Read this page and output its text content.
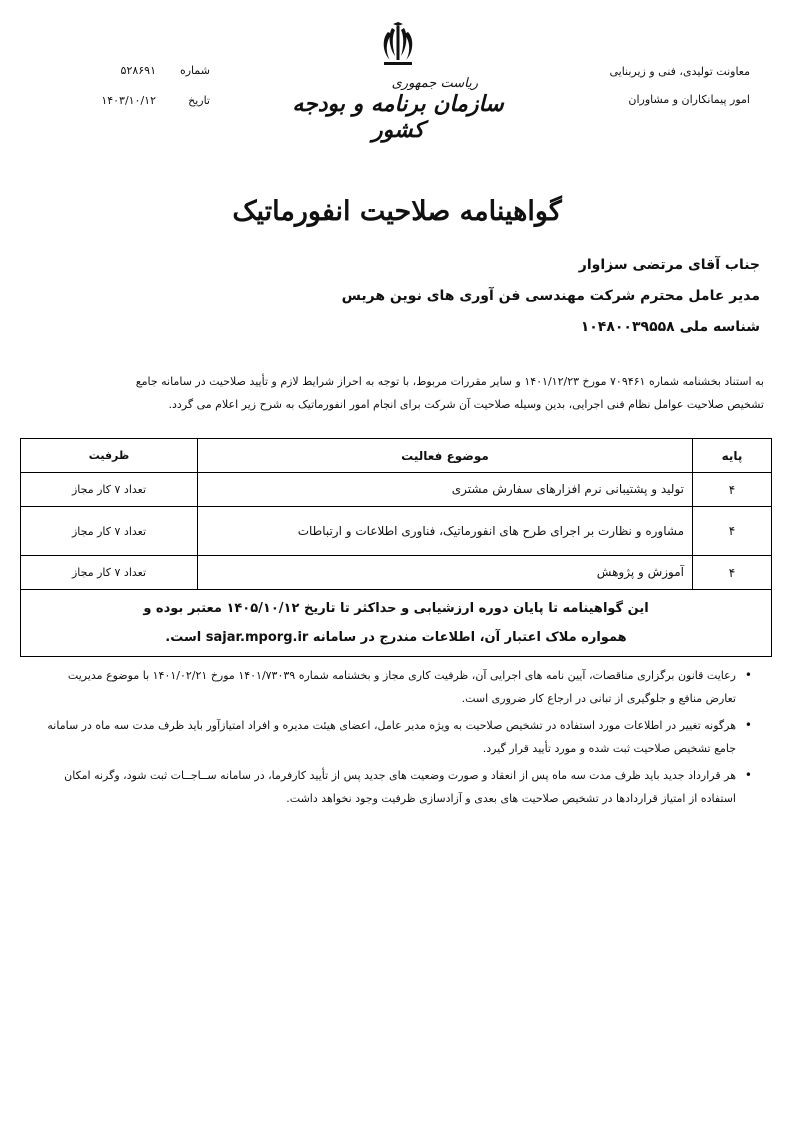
معاونت تولیدی، فنی و زیربنایی
امور پیمانکاران و مشاوران
ریاست جمهوری
سازمان برنامه و بودجه کشور
شماره
۵۲۸۶۹۱
تاریخ
۱۴۰۳/۱۰/۱۲
گواهینامه صلاحیت انفورماتیک
جناب آقای مرتضی سزاوار
مدیر عامل محترم شرکت مهندسی فن آوری های نوین هریس
شناسه ملی ۱۰۴۸۰۰۳۹۵۵۸
به استناد بخشنامه شماره ۷۰۹۴۶۱ مورخ ۱۴۰۱/۱۲/۲۳ و سایر مقررات مربوط، با توجه به احراز شرایط لازم و تأیید صلاحیت در سامانه جامع
تشخیص صلاحیت عوامل نظام فنی اجرایی، بدین وسیله صلاحیت آن شرکت برای انجام امور انفورماتیک به شرح زیر اعلام می گردد.
پایه	موضوع فعالیت	ظرفیت
۴	تولید و پشتیبانی نرم افزارهای سفارش مشتری	تعداد ۷ کار مجاز
۴	مشاوره و نظارت بر اجرای طرح های انفورماتیک، فناوری اطلاعات و ارتباطات	تعداد ۷ کار مجاز
۴	آموزش و پژوهش	تعداد ۷ کار مجاز

این گواهینامه تا پایان دوره ارزشیابی و حداکثر تا تاریخ ۱۴۰۵/۱۰/۱۲ معتبر بوده و
همواره ملاک اعتبار آن، اطلاعات مندرج در سامانه sajar.mporg.ir است.		
• رعایت قانون برگزاری مناقصات، آیین نامه های اجرایی آن، ظرفیت کاری مجاز و بخشنامه شماره ۱۴۰۱/۷۳۰۳۹ مورخ ۱۴۰۱/۰۲/۲۱ با موضوع مدیریت تعارض منافع و جلوگیری از تبانی در ارجاع کار ضروری است.
• هرگونه تغییر در اطلاعات مورد استفاده در تشخیص صلاحیت به ویژه مدیر عامل، اعضای هیئت مدیره و افراد امتیازآور باید ظرف مدت سه ماه در سامانه جامع تشخیص صلاحیت ثبت شده و مورد تأیید قرار گیرد.
• هر قرارداد جدید باید ظرف مدت سه ماه پس از انعقاد و صورت وضعیت های جدید پس از تأیید کارفرما، در سامانه ســاجــات ثبت شود، وگرنه امکان استفاده از امتیاز قراردادها در تشخیص صلاحیت های بعدی و آزادسازی ظرفیت وجود نخواهد داشت.
